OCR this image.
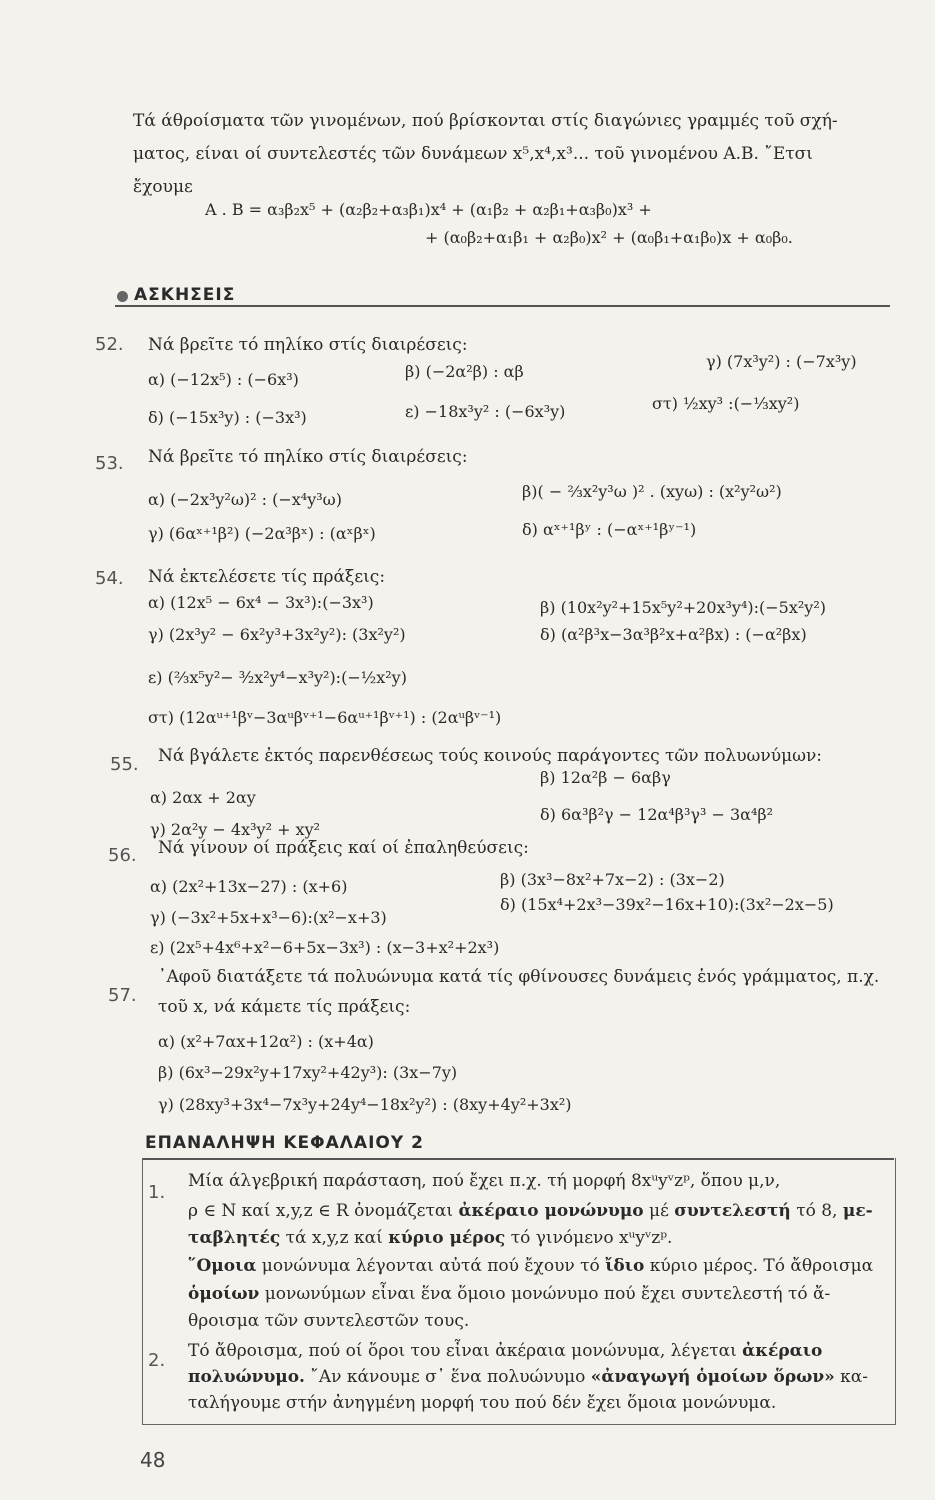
Τά άθροίσματα τῶν γινομένων, πού βρίσκονται στίς διαγώνιες γραμμές τοῦ σχή-
ματος, είναι οί συντελεστές τῶν δυνάμεων x⁵,x⁴,x³... τοῦ γινομένου Α.Β. ῎Ετσι
ἔχουμε
Α . Β = α₃β₂x⁵ + (α₂β₂+α₃β₁)x⁴ + (α₁β₂ + α₂β₁+α₃β₀)x³ +
+ (α₀β₂+α₁β₁ + α₂β₀)x² + (α₀β₁+α₁β₀)x + α₀β₀.
ΑΣΚΗΣΕΙΣ
52. Νά βρεῖτε τό πηλίκο στίς διαιρέσεις:
α) (−12x⁵) : (−6x³)	β) (−2α²β) : αβ
γ) (7x³y²) : (−7x³y)
δ) (−15x³y) : (−3x³)	ε) −18x³y² : (−6x³y)	στ) ½xy³ :(−⅓xy²)
53. Νά βρεῖτε τό πηλίκο στίς διαιρέσεις:
α) (−2x³y²ω)² : (−x⁴y³ω)	β)( − ⅔x²y³ω )² . (xyω) : (x²y²ω²)
γ) (6αˣ⁺¹β²) (−2α³βˣ) : (αˣβˣ)	δ) αˣ⁺¹βʸ : (−αˣ⁺¹βʸ⁻¹)
54. Νά ἐκτελέσετε τίς πράξεις:
α) (12x⁵ − 6x⁴ − 3x³):(−3x³)	β) (10x²y²+15x⁵y²+20x³y⁴):(−5x²y²)
γ) (2x³y² − 6x²y³+3x²y²): (3x²y²)	δ) (α²β³x−3α³β²x+α²βx) : (−α²βx)
ε) (⅔x⁵y²− ³⁄₂x²y⁴−x³y²):(−½x²y)
στ) (12αᵘ⁺¹βᵛ−3αᵘβᵛ⁺¹−6αᵘ⁺¹βᵛ⁺¹) : (2αᵘβᵛ⁻¹)
55. Νά βγάλετε ἐκτός παρενθέσεως τούς κοινούς παράγοντες τῶν πολυωνύμων:
α) 2αx + 2αy
β) 12α²β − 6αβγ
γ) 2α²y − 4x³y² + xy²
δ) 6α³β²γ − 12α⁴β³γ³ − 3α⁴β²
56. Νά γίνουν οί πράξεις καί οί ἐπαληθεύσεις:
α) (2x²+13x−27) : (x+6)	β) (3x³−8x²+7x−2) : (3x−2)
γ) (−3x²+5x+x³−6):(x²−x+3)
δ) (15x⁴+2x³−39x²−16x+10):(3x²−2x−5)
ε) (2x⁵+4x⁶+x²−6+5x−3x³) : (x−3+x²+2x³)
57.
᾽Αφοῦ διατάξετε τά πολυώνυμα κατά τίς φθίνουσες δυνάμεις ἑνός γράμματος, π.χ.
τοῦ x, νά κάμετε τίς πράξεις:
α) (x²+7αx+12α²) : (x+4α)
β) (6x³−29x²y+17xy²+42y³): (3x−7y)
γ) (28xy³+3x⁴−7x³y+24y⁴−18x²y²) : (8xy+4y²+3x²)
ΕΠΑΝΑΛΗΨΗ ΚΕΦΑΛΑΙΟΥ 2
1.
Μία άλγεβρική παράσταση, πού ἔχει π.χ. τή μορφή 8xᵘyᵛzᵖ, ὅπου μ,ν,
ρ ∈ Ν καί x,y,z ∈ R ὀνομάζεται ἀκέραιο μονώνυμο μέ συντελεστή τό 8, με-
ταβλητές τά x,y,z καί κύριο μέρος τό γινόμενο xᵘyᵛzᵖ.
῞Ομοια μονώνυμα λέγονται αὐτά πού ἔχουν τό ἴδιο κύριο μέρος. Τό ἄθροισμα
ὁμοίων μονωνύμων εἶναι ἕνα ὅμοιο μονώνυμο πού ἔχει συντελεστή τό ἄ-
θροισμα τῶν συντελεστῶν τους.
2. Τό ἄθροισμα, πού οί ὅροι του εἶναι ἀκέραια μονώνυμα, λέγεται ἀκέραιο
πολυώνυμο. ῎Αν κάνουμε σ᾽ ἕνα πολυώνυμο «ἀναγωγή ὁμοίων ὅρων» κα-
ταλήγουμε στήν ἀνηγμένη μορφή του πού δέν ἔχει ὅμοια μονώνυμα.
48
